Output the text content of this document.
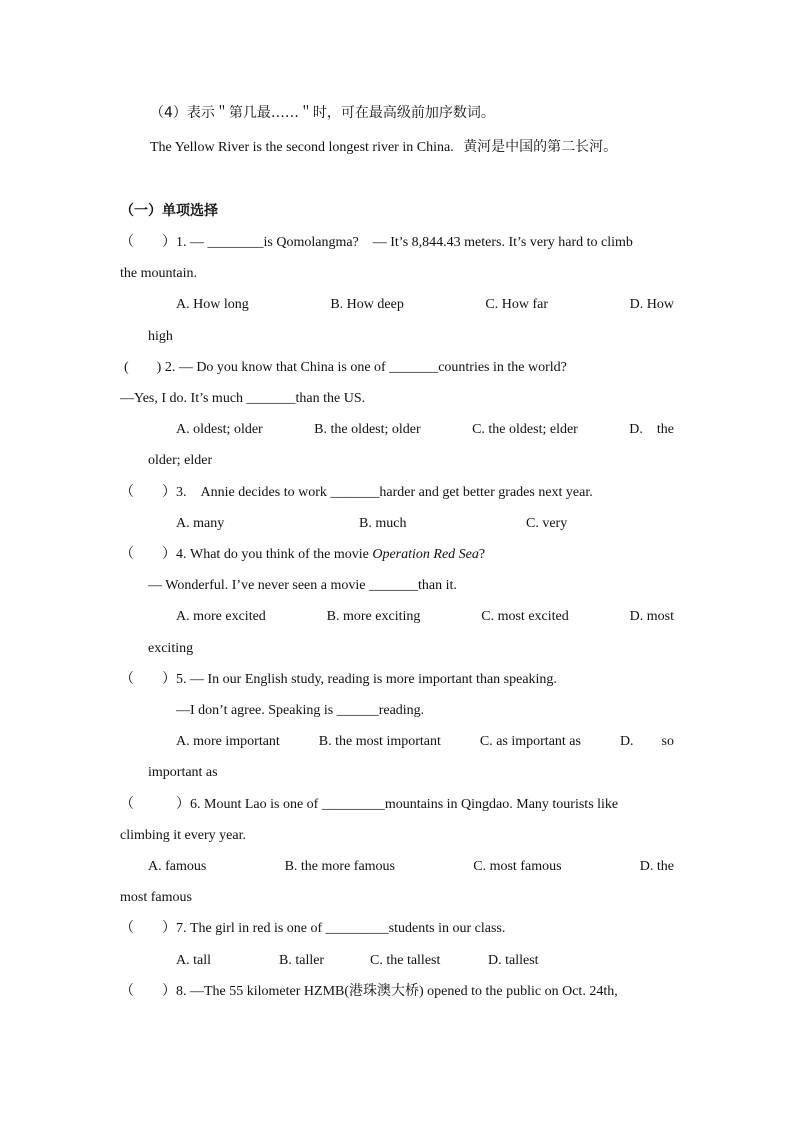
（4）表示＂第几最……＂时，可在最高级前加序数词。
The Yellow River is the second longest river in China. 黄河是中国的第二长河。
（一）单项选择
（　　）1. — ________is Qomolangma?　— It’s 8,844.43 meters. It’s very hard to climb
the mountain.
A. How long	B. How deep	C. How far	D. How
high
(　　) 2. — Do you know that China is one of _______countries in the world?
—Yes, I do. It’s much _______than the US.
A. oldest; older	B. the oldest; older	C. the oldest; elder	D.　the
older; elder
（　　）3.　Annie decides to work _______harder and get better grades next year.
A. many	B. much	C. very
（　　）4. What do you think of the movie Operation Red Sea?
— Wonderful. I’ve never seen a movie _______than it.
A. more excited	B. more exciting	C. most excited	D. most
exciting
（　　）5. — In our English study, reading is more important than speaking.
—I don’t agree. Speaking is ______reading.
A. more important	B. the most important	C. as important as	D.　　so
important as
（　　　）6. Mount Lao is one of _________mountains in Qingdao. Many tourists like
climbing it every year.
A. famous	B. the more famous	C. most famous	D. the
most famous
（　　）7. The girl in red is one of _________students in our class.
A. tall	B. taller	C. the tallest	D. tallest
（　　）8. —The 55 kilometer HZMB(港珠澳大桥) opened to the public on Oct. 24th,
